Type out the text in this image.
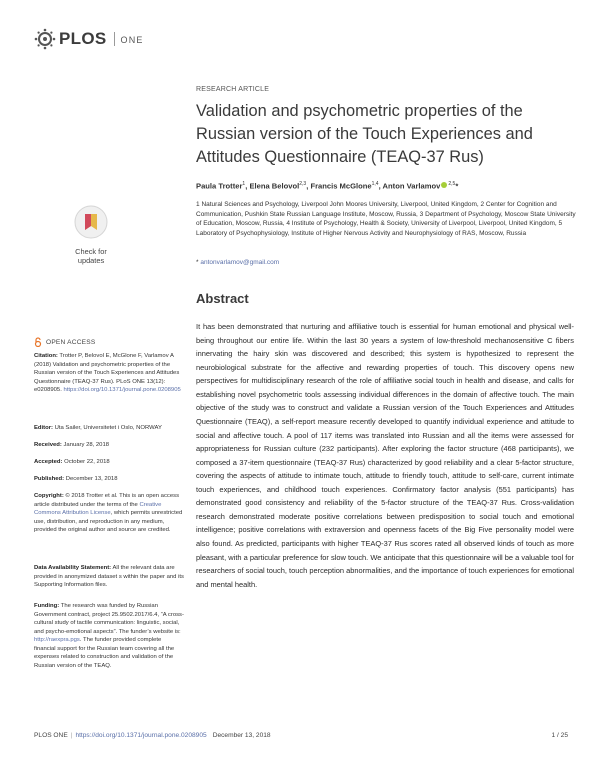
PLOS ONE
RESEARCH ARTICLE
Validation and psychometric properties of the Russian version of the Touch Experiences and Attitudes Questionnaire (TEAQ-37 Rus)
Paula Trotter$^1$, Elena Belovol$^{2,3}$, Francis McGlone$^{1,4}$, Anton Varlamov $^{2,5}$*
1 Natural Sciences and Psychology, Liverpool John Moores University, Liverpool, United Kingdom, 2 Center for Cognition and Communication, Pushkin State Russian Language Institute, Moscow, Russia, 3 Department of Psychology, Moscow State University of Education, Moscow, Russia, 4 Institute of Psychology, Health & Society, University of Liverpool, Liverpool, United Kingdom, 5 Laboratory of Psychophysiology, Institute of Higher Nervous Activity and Neurophysiology of RAS, Moscow, Russia
* antonvarlamov@gmail.com
Abstract

It has been demonstrated that nurturing and affiliative touch is essential for human emotional and physical well-being throughout our entire life. Within the last 30 years a system of low-threshold mechanosensitive C fibers innervating the hairy skin was discovered and described; this system is hypothesized to represent the neurobiological substrate for the affective and rewarding properties of touch. This discovery opens new perspectives for multidisciplinary research of the role of affiliative social touch in health and disease, and calls for establishing novel psychometric tools assessing individual differences in the domain of affective touch. The main objective of the study was to construct and validate a Russian version of the Touch Experiences and Attitudes Questionnaire (TEAQ), a self-report measure recently developed to quantify individual experience and attitude to social and affective touch. A pool of 117 items was translated into Russian and all the items were assessed for appropriateness for Russian culture (232 participants). After exploring the factor structure (468 participants), we composed a 37-item questionnaire (TEAQ-37 Rus) characterized by good reliability and a clear 5-factor structure, covering the aspects of attitude to intimate touch, attitude to friendly touch, attitude to self-care, current intimate touch experiences, and childhood touch experiences. Confirmatory factor analysis (551 participants) has demonstrated good consistency and reliability of the 5-factor structure of the TEAQ-37 Rus. Cross-validation research demonstrated moderate positive correlations between predisposition to social touch and emotional intelligence; positive correlations with extraversion and openness facets of the Big Five personality model were also found. As predicted, participants with higher TEAQ-37 Rus scores rated all observed kinds of touch as more pleasant, with a particular preference for slow touch. We anticipate that this questionnaire will be a valuable tool for researchers of social touch, touch perception abnormalities, and the importance of touch experiences for emotional and mental health.

Check for updates
OPEN ACCESS
Citation: Trotter P, Belovol E, McGlone F, Varlamov A (2018) Validation and psychometric properties of the Russian version of the Touch Experiences and Attitudes Questionnaire (TEAQ-37 Rus). PLoS ONE 13(12): e0208905. https://doi.org/10.1371/journal.pone.0208905
Editor: Uta Sailer, Universitetet i Oslo, NORWAY
Received: January 28, 2018
Accepted: October 22, 2018
Published: December 13, 2018
Copyright: © 2018 Trotter et al. This is an open access article distributed under the terms of the Creative Commons Attribution License, which permits unrestricted use, distribution, and reproduction in any medium, provided the original author and source are credited.
Data Availability Statement: All the relevant data are provided in anonymized dataset s within the paper and its Supporting Information files.
Funding: The research was funded by Russian Government contract, project 25.9502.2017/6.4, “A cross-cultural study of tactile communication: linguistic, social, and psycho-emotional aspects”. The funder’s website is: http://raexpra.pgs. The funder provided complete financial support for the Russian team covering all the expenses related to construction and validation of the Russian version of the TEAQ.
PLOS ONE | https://doi.org/10.1371/journal.pone.0208905 December 13, 2018	1 / 25
